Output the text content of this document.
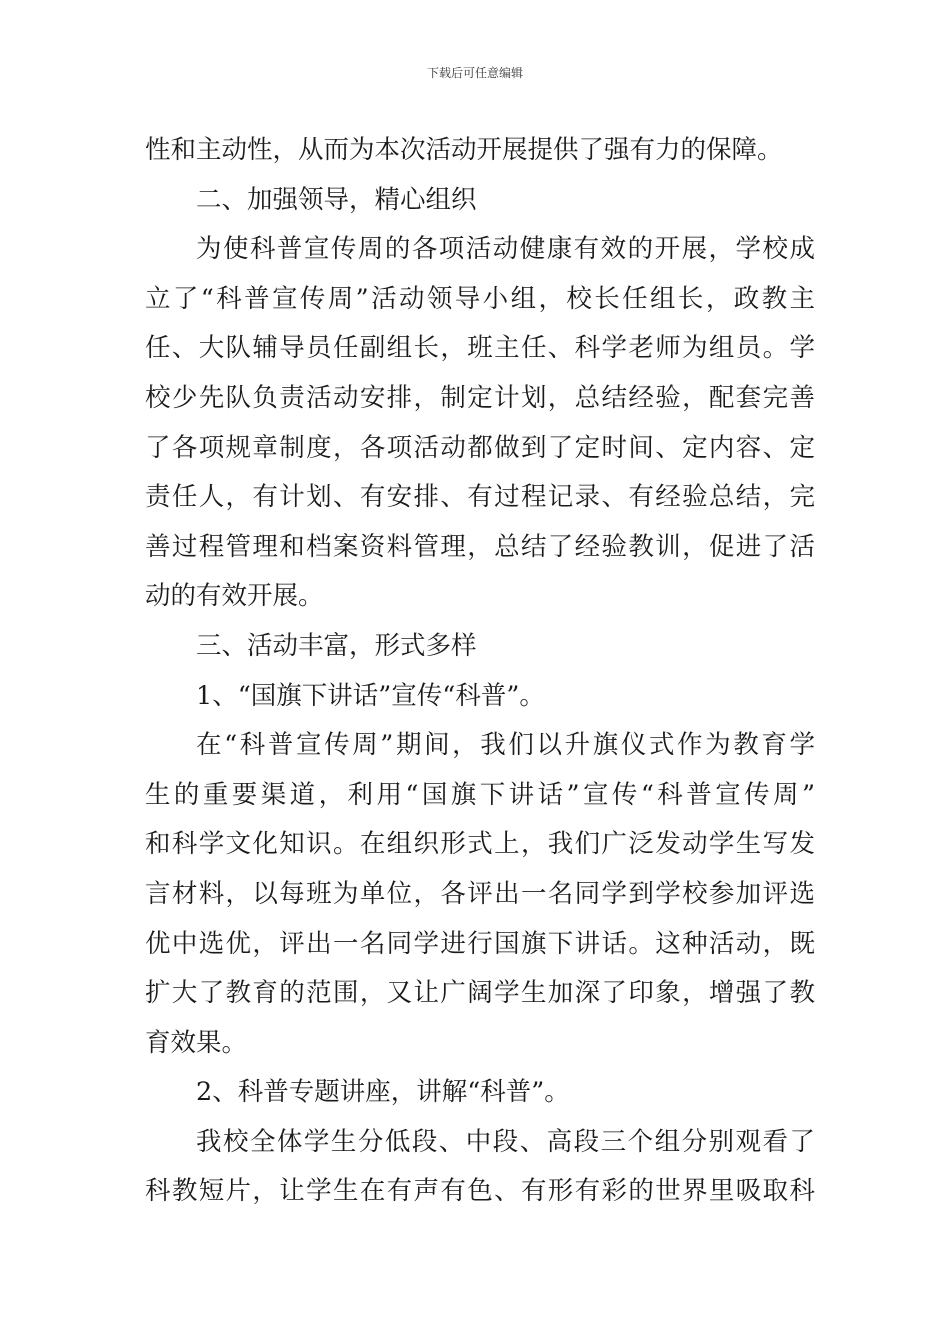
下载后可任意编辑
性和主动性，从而为本次活动开展提供了强有力的保障。
二、加强领导，精心组织
为使科普宣传周的各项活动健康有效的开展，学校成
立了“科普宣传周”活动领导小组，校长任组长，政教主
任、大队辅导员任副组长，班主任、科学老师为组员。学
校少先队负责活动安排，制定计划，总结经验，配套完善
了各项规章制度，各项活动都做到了定时间、定内容、定
责任人，有计划、有安排、有过程记录、有经验总结，完
善过程管理和档案资料管理，总结了经验教训，促进了活
动的有效开展。
三、活动丰富，形式多样
1、“国旗下讲话”宣传“科普”。
在“科普宣传周”期间，我们以升旗仪式作为教育学
生的重要渠道，利用“国旗下讲话”宣传“科普宣传周”
和科学文化知识。在组织形式上，我们广泛发动学生写发
言材料，以每班为单位，各评出一名同学到学校参加评选
优中选优，评出一名同学进行国旗下讲话。这种活动，既
扩大了教育的范围，又让广阔学生加深了印象，增强了教
育效果。
2、科普专题讲座，讲解“科普”。
我校全体学生分低段、中段、高段三个组分别观看了
科教短片，让学生在有声有色、有形有彩的世界里吸取科
